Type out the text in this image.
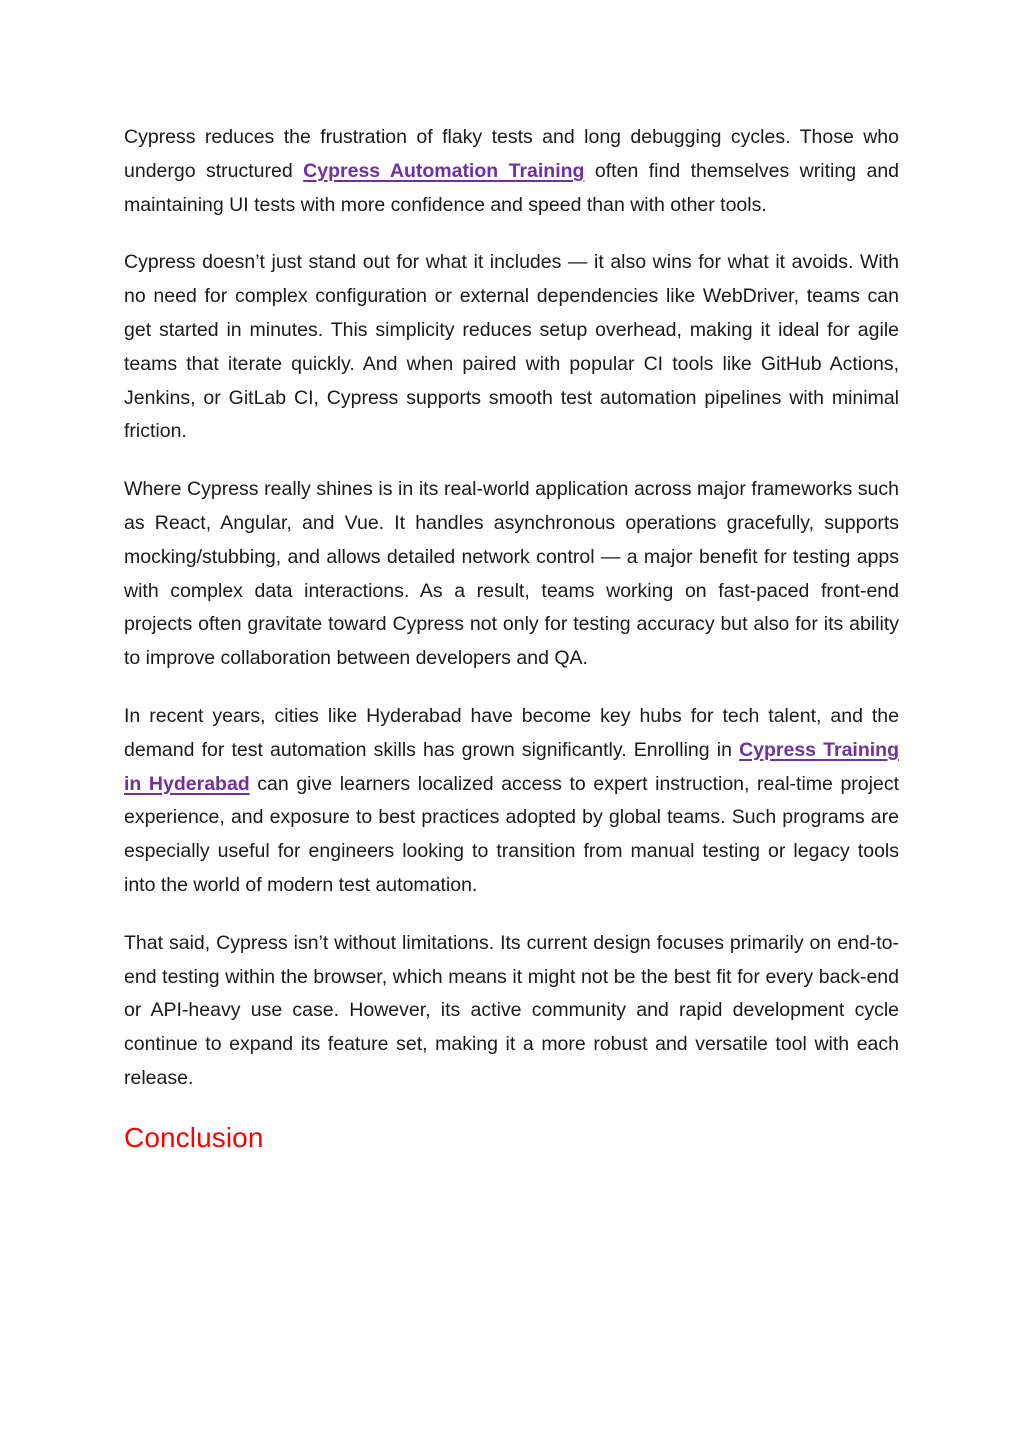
Cypress reduces the frustration of flaky tests and long debugging cycles. Those who undergo structured Cypress Automation Training often find themselves writing and maintaining UI tests with more confidence and speed than with other tools.

Cypress doesn’t just stand out for what it includes — it also wins for what it avoids. With no need for complex configuration or external dependencies like WebDriver, teams can get started in minutes. This simplicity reduces setup overhead, making it ideal for agile teams that iterate quickly. And when paired with popular CI tools like GitHub Actions, Jenkins, or GitLab CI, Cypress supports smooth test automation pipelines with minimal friction.

Where Cypress really shines is in its real-world application across major frameworks such as React, Angular, and Vue. It handles asynchronous operations gracefully, supports mocking/stubbing, and allows detailed network control — a major benefit for testing apps with complex data interactions. As a result, teams working on fast-paced front-end projects often gravitate toward Cypress not only for testing accuracy but also for its ability to improve collaboration between developers and QA.

In recent years, cities like Hyderabad have become key hubs for tech talent, and the demand for test automation skills has grown significantly. Enrolling in Cypress Training in Hyderabad can give learners localized access to expert instruction, real-time project experience, and exposure to best practices adopted by global teams. Such programs are especially useful for engineers looking to transition from manual testing or legacy tools into the world of modern test automation.

That said, Cypress isn’t without limitations. Its current design focuses primarily on end-to-end testing within the browser, which means it might not be the best fit for every back-end or API-heavy use case. However, its active community and rapid development cycle continue to expand its feature set, making it a more robust and versatile tool with each release.

Conclusion
